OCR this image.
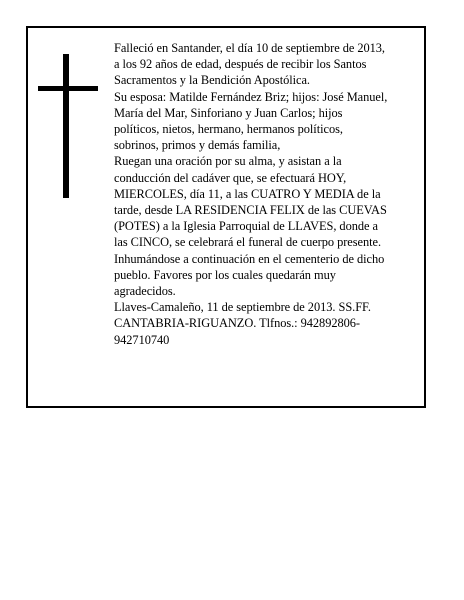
Falleció en Santander, el día 10 de septiembre de 2013,
a los 92 años de edad, después de recibir los Santos
Sacramentos y la Bendición Apostólica.
Su esposa: Matilde Fernández Briz; hijos: José Manuel,
María del Mar, Sinforiano y Juan Carlos; hijos
políticos, nietos, hermano, hermanos políticos,
sobrinos, primos y demás familia,
Ruegan una oración por su alma, y asistan a la
conducción del cadáver que, se efectuará HOY,
MIERCOLES, día 11, a las CUATRO Y MEDIA de la
tarde, desde LA RESIDENCIA FELIX de las CUEVAS
(POTES) a la Iglesia Parroquial de LLAVES, donde a
las CINCO, se celebrará el funeral de cuerpo presente.
Inhumándose a continuación en el cementerio de dicho
pueblo. Favores por los cuales quedarán muy
agradecidos.
Llaves-Camaleño, 11 de septiembre de 2013. SS.FF.
CANTABRIA-RIGUANZO. Tlfnos.: 942892806-
942710740
